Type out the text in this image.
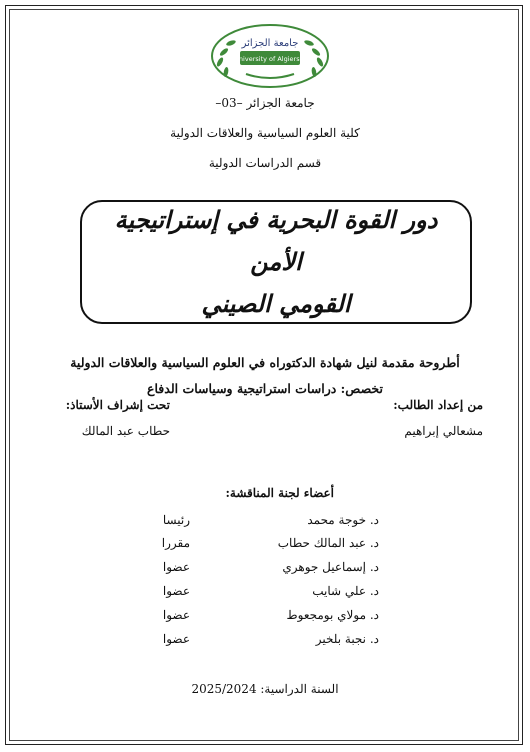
جامعة الجزائر
University of Algiers 3
جامعة الجزائر –03–
كلية العلوم السياسية والعلاقات الدولية
قسم الدراسات الدولية
دور القوة البحرية في إستراتيجية الأمن
القومي الصيني
أطروحة مقدمة لنيل شهادة الدكتوراه في العلوم السياسية والعلاقات الدولية
تخصص: دراسات استراتيجية وسياسات الدفاع
من إعداد الطالب:
مشعالي إبراهيم
تحت إشراف الأستاذ:
حطاب عبد المالك
أعضاء لجنة المناقشة:
د. خوجة محمد
رئيسا
د. عبد المالك حطاب
مقررا
د. إسماعيل جوهري
عضوا
د. علي شايب
عضوا
د. مولاي بومجعوط
عضوا
د. نجبة بلخير
عضوا
السنة الدراسية: 2025/2024
